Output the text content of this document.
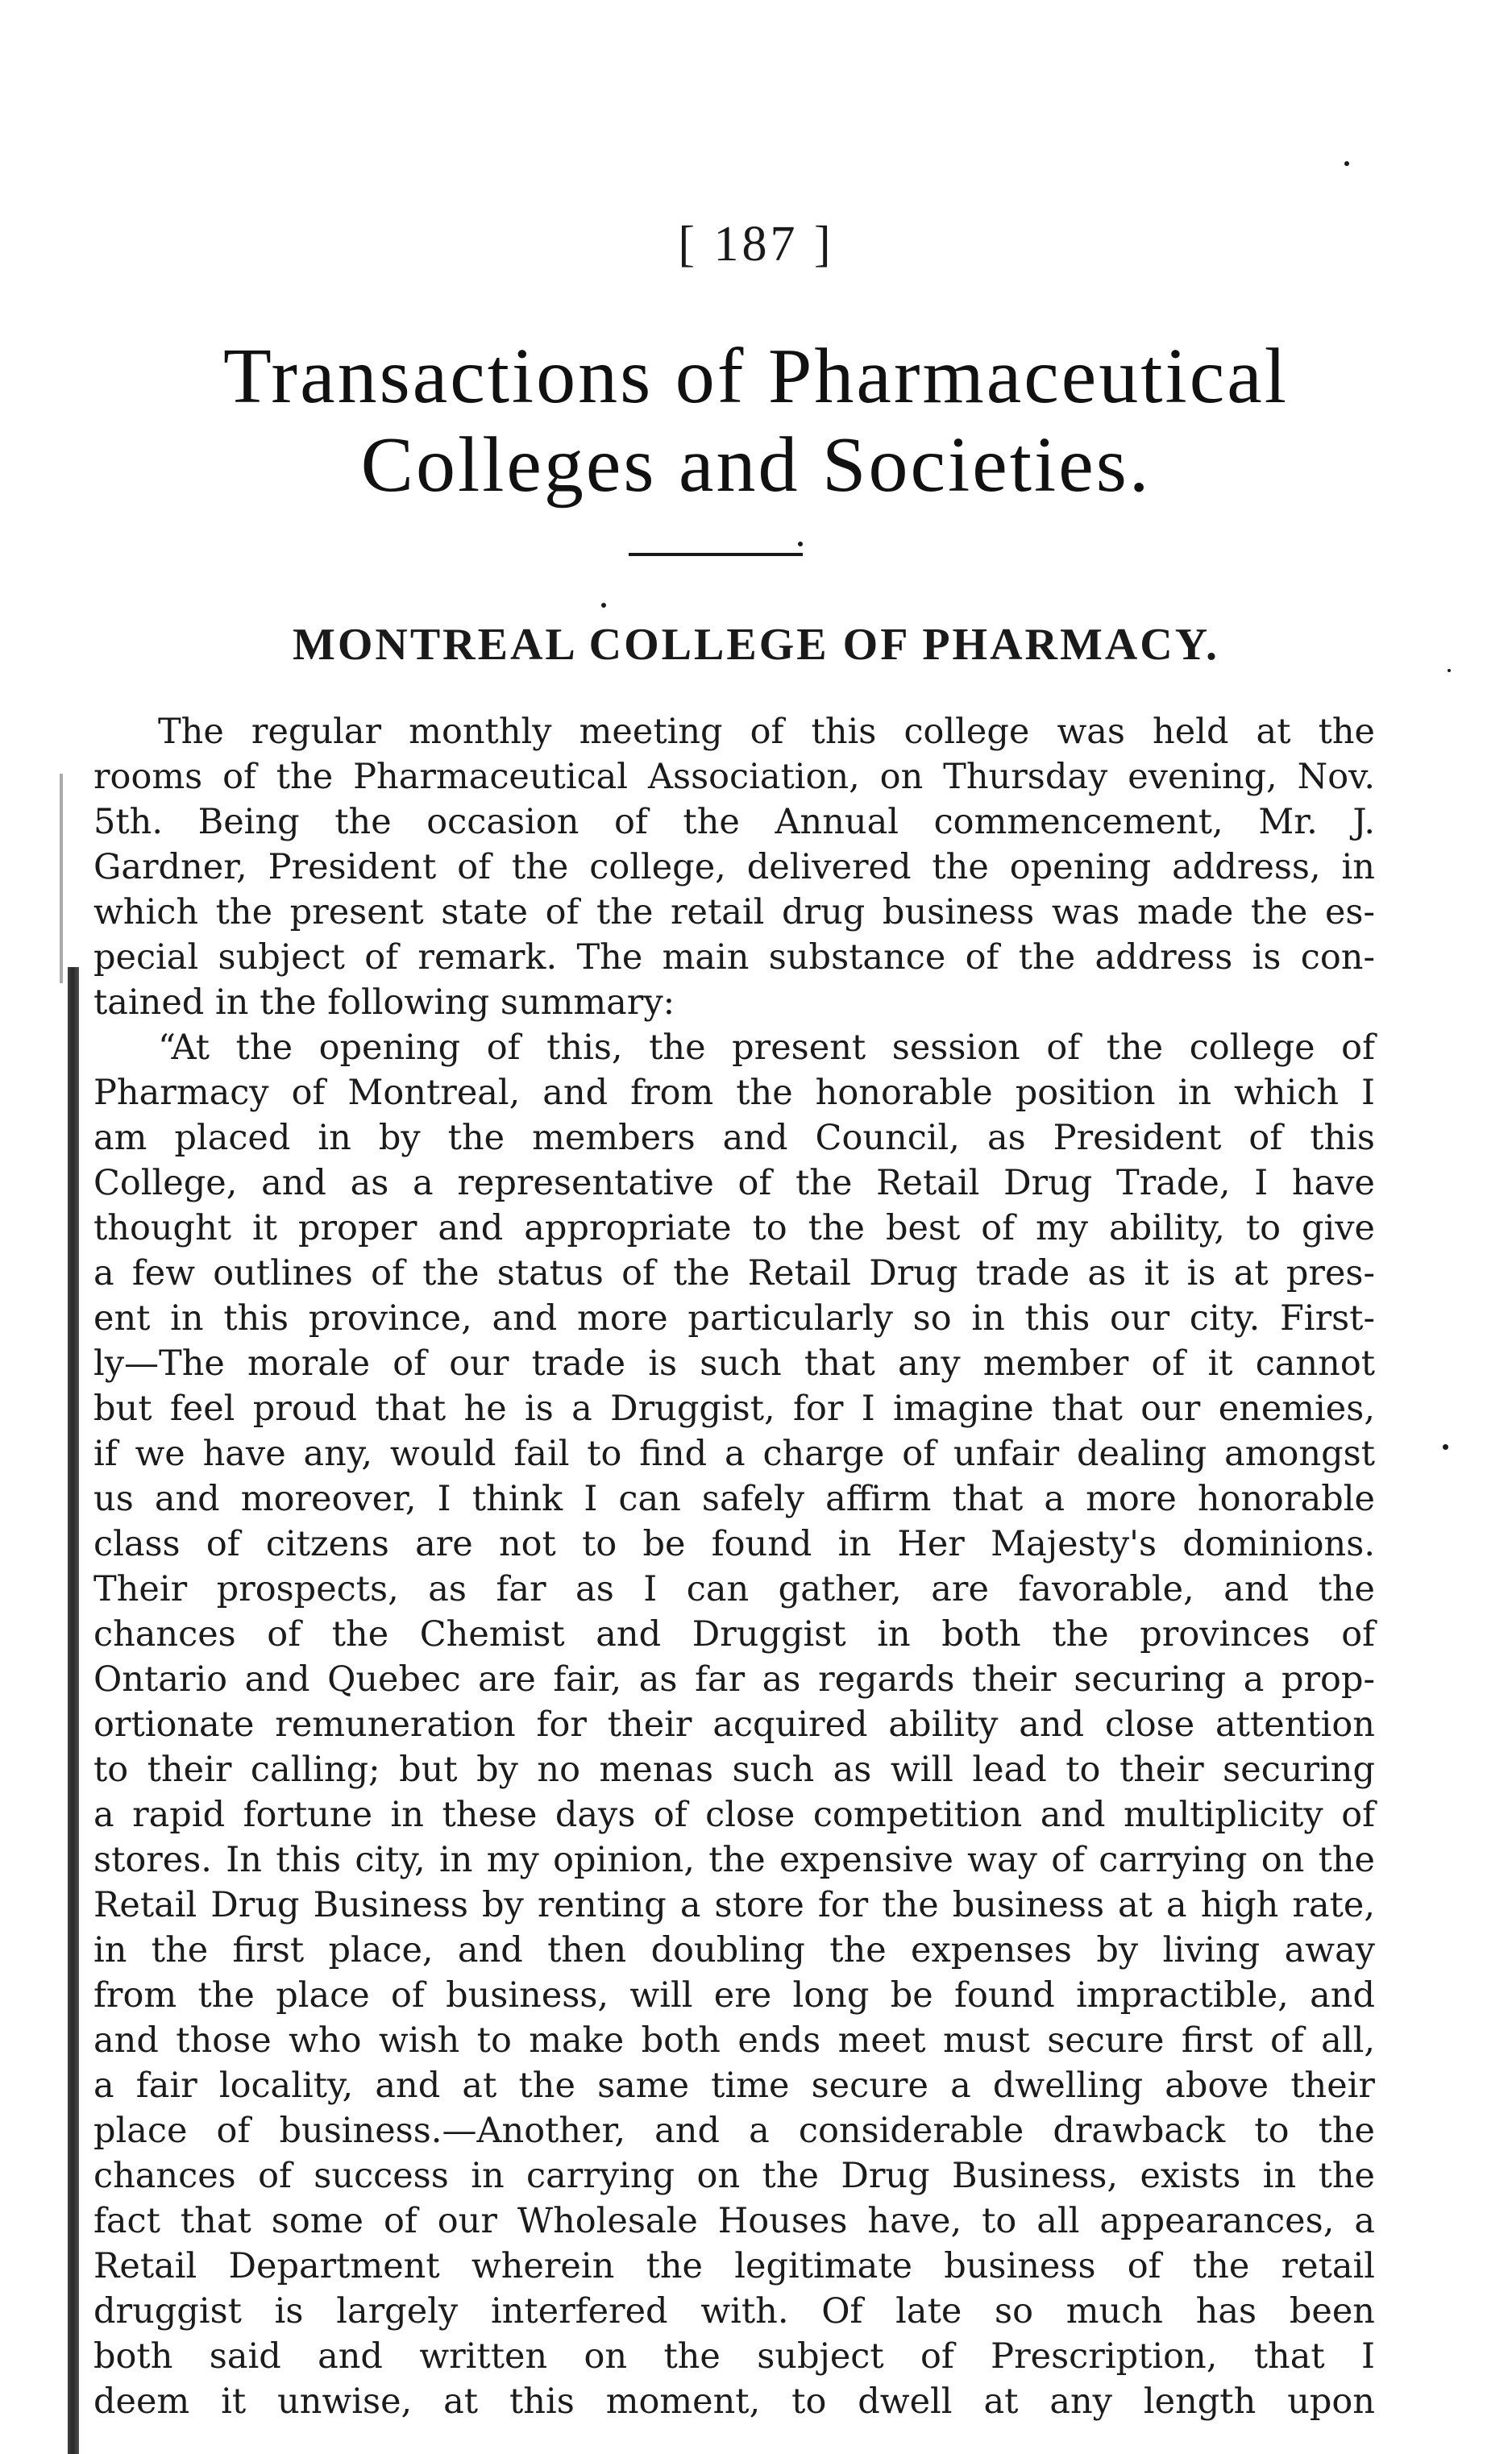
[ 187 ]
Transactions of Pharmaceutical
Colleges and Societies.
MONTREAL COLLEGE OF PHARMACY.
The regular monthly meeting of this college was held at the
rooms of the Pharmaceutical Association, on Thursday evening, Nov.
5th. Being the occasion of the Annual commencement, Mr. J.
Gardner, President of the college, delivered the opening address, in
which the present state of the retail drug business was made the es-
pecial subject of remark. The main substance of the address is con-
tained in the following summary:
“At the opening of this, the present session of the college of
Pharmacy of Montreal, and from the honorable position in which I
am placed in by the members and Council, as President of this
College, and as a representative of the Retail Drug Trade, I have
thought it proper and appropriate to the best of my ability, to give
a few outlines of the status of the Retail Drug trade as it is at pres-
ent in this province, and more particularly so in this our city. First-
ly—The morale of our trade is such that any member of it cannot
but feel proud that he is a Druggist, for I imagine that our enemies,
if we have any, would fail to find a charge of unfair dealing amongst
us and moreover, I think I can safely affirm that a more honorable
class of citzens are not to be found in Her Majesty's dominions.
Their prospects, as far as I can gather, are favorable, and the
chances of the Chemist and Druggist in both the provinces of
Ontario and Quebec are fair, as far as regards their securing a prop-
ortionate remuneration for their acquired ability and close attention
to their calling; but by no menas such as will lead to their securing
a rapid fortune in these days of close competition and multiplicity of
stores. In this city, in my opinion, the expensive way of carrying on the
Retail Drug Business by renting a store for the business at a high rate,
in the first place, and then doubling the expenses by living away
from the place of business, will ere long be found impractible, and
and those who wish to make both ends meet must secure first of all,
a fair locality, and at the same time secure a dwelling above their
place of business.—Another, and a considerable drawback to the
chances of success in carrying on the Drug Business, exists in the
fact that some of our Wholesale Houses have, to all appearances, a
Retail Department wherein the legitimate business of the retail
druggist is largely interfered with. Of late so much has been
both said and written on the subject of Prescription, that I
deem it unwise, at this moment, to dwell at any length upon
